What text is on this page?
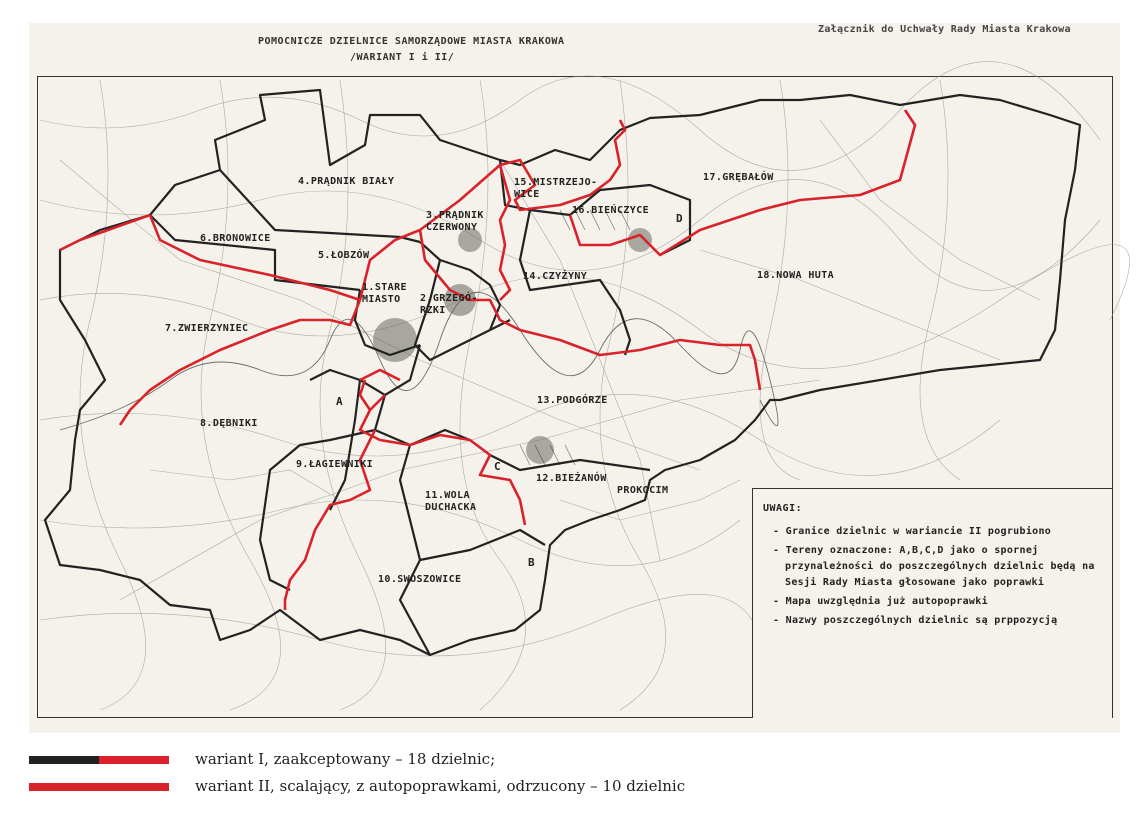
POMOCNICZE DZIELNICE SAMORZĄDOWE MIASTA KRAKOWA
/WARIANT I i II/
Załącznik do Uchwały Rady Miasta Krakowa
1.STARE
MIASTO	2.GRZEGÓ-
RZKI
3.PRĄDNIK
CZERWONY
4.PRĄDNIK BIAŁY
5.ŁOBZÓW
6.BRONOWICE
7.ZWIERZYNIEC
8.DĘBNIKI
9.ŁAGIEWNIKI
10.SWOSZOWICE
11.WOLA
DUCHACKA
12.BIEŻANÓW
13.PODGÓRZE
14.CZYŻYNY
15.MISTRZEJO-
WICE
16.BIEŃCZYCE
17.GRĘBAŁÓW
18.NOWA HUTA
PROKOCIM
A
B
C
D
UWAGI:
- Granice dzielnic w wariancie II pogrubiono
- Tereny oznaczone: A,B,C,D jako o spornej przynależności do poszczególnych dzielnic będą na Sesji Rady Miasta głosowane jako poprawki
- Mapa uwzględnia już autopoprawki
- Nazwy poszczególnych dzielnic są prppozycją
wariant I, zaakceptowany – 18 dzielnic;
wariant II, scalający, z autopoprawkami, odrzucony – 10 dzielnic
